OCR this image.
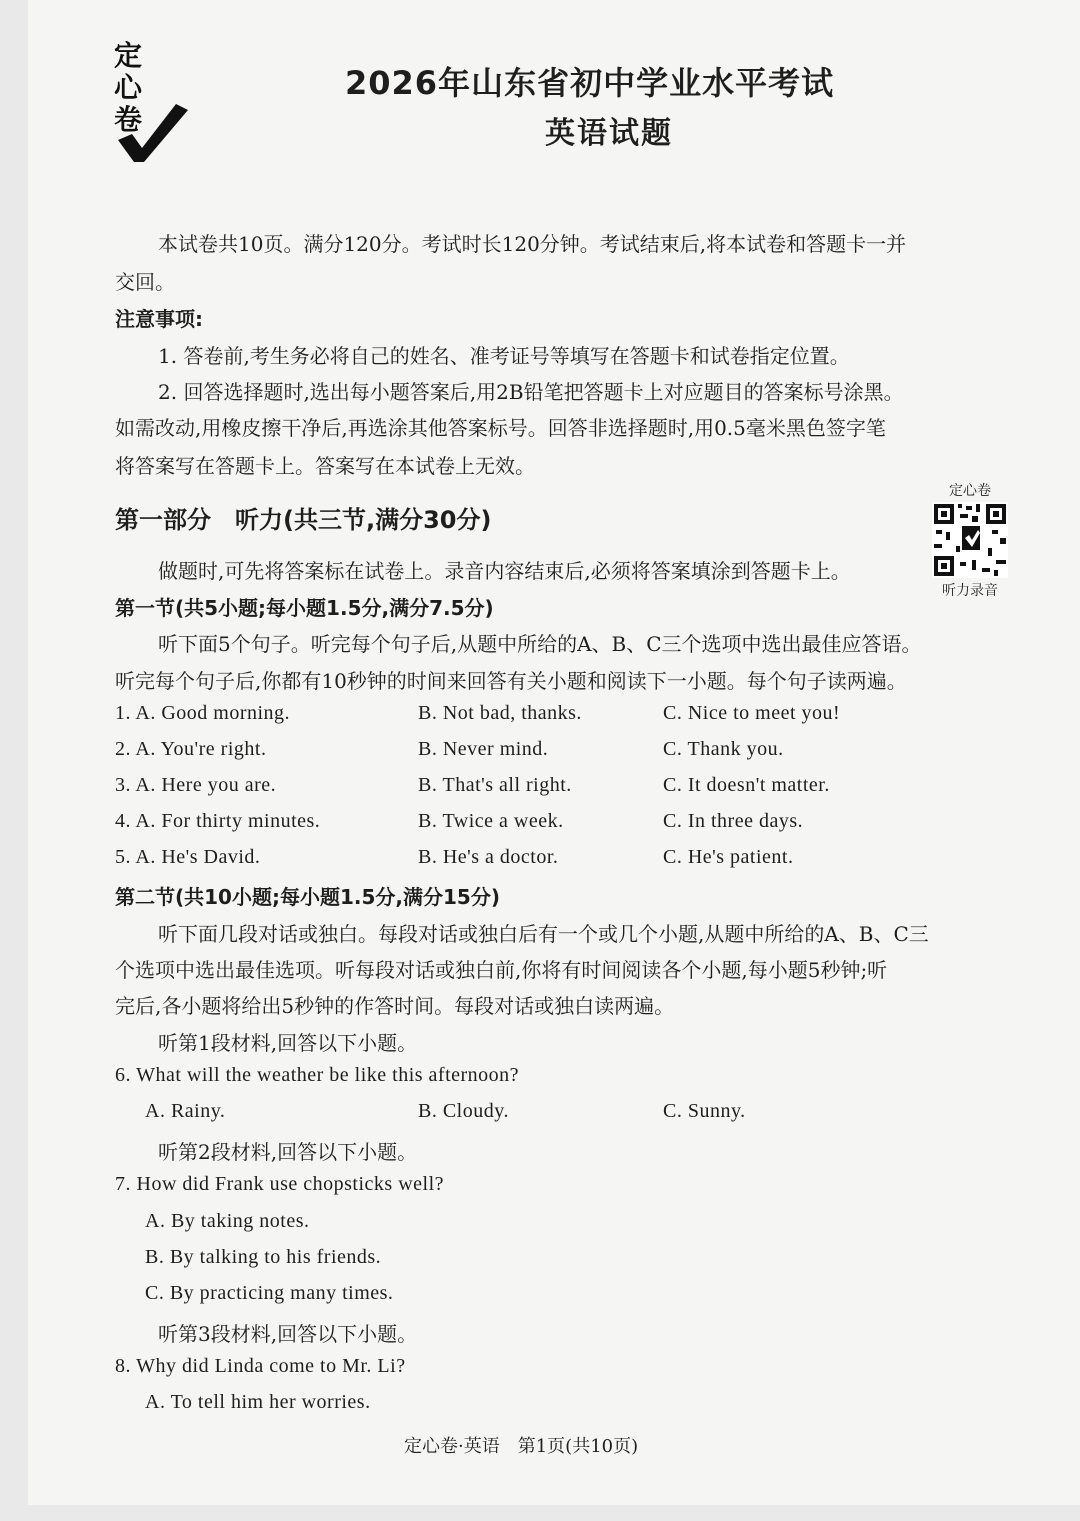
定
心
卷
2026年山东省初中学业水平考试
英语试题
本试卷共10页。满分120分。考试时长120分钟。考试结束后,将本试卷和答题卡一并
交回。
注意事项:
1. 答卷前,考生务必将自己的姓名、准考证号等填写在答题卡和试卷指定位置。
2. 回答选择题时,选出每小题答案后,用2B铅笔把答题卡上对应题目的答案标号涂黑。
如需改动,用橡皮擦干净后,再选涂其他答案标号。回答非选择题时,用0.5毫米黑色签字笔
将答案写在答题卡上。答案写在本试卷上无效。
第一部分　听力(共三节,满分30分)
定心卷
听力录音
做题时,可先将答案标在试卷上。录音内容结束后,必须将答案填涂到答题卡上。
第一节(共5小题;每小题1.5分,满分7.5分)
听下面5个句子。听完每个句子后,从题中所给的A、B、C三个选项中选出最佳应答语。
听完每个句子后,你都有10秒钟的时间来回答有关小题和阅读下一小题。每个句子读两遍。
1. A. Good morning.	B. Not bad, thanks.	C. Nice to meet you!
2. A. You're right.	B. Never mind.	C. Thank you.
3. A. Here you are.	B. That's all right.	C. It doesn't matter.
4. A. For thirty minutes.	B. Twice a week.	C. In three days.
5. A. He's David.	B. He's a doctor.	C. He's patient.
第二节(共10小题;每小题1.5分,满分15分)
听下面几段对话或独白。每段对话或独白后有一个或几个小题,从题中所给的A、B、C三
个选项中选出最佳选项。听每段对话或独白前,你将有时间阅读各个小题,每小题5秒钟;听
完后,各小题将给出5秒钟的作答时间。每段对话或独白读两遍。
听第1段材料,回答以下小题。
6. What will the weather be like this afternoon?
A. Rainy.	B. Cloudy.	C. Sunny.
听第2段材料,回答以下小题。
7. How did Frank use chopsticks well?
A. By taking notes.
B. By talking to his friends.
C. By practicing many times.
听第3段材料,回答以下小题。
8. Why did Linda come to Mr. Li?
A. To tell him her worries.
定心卷·英语　第1页(共10页)
